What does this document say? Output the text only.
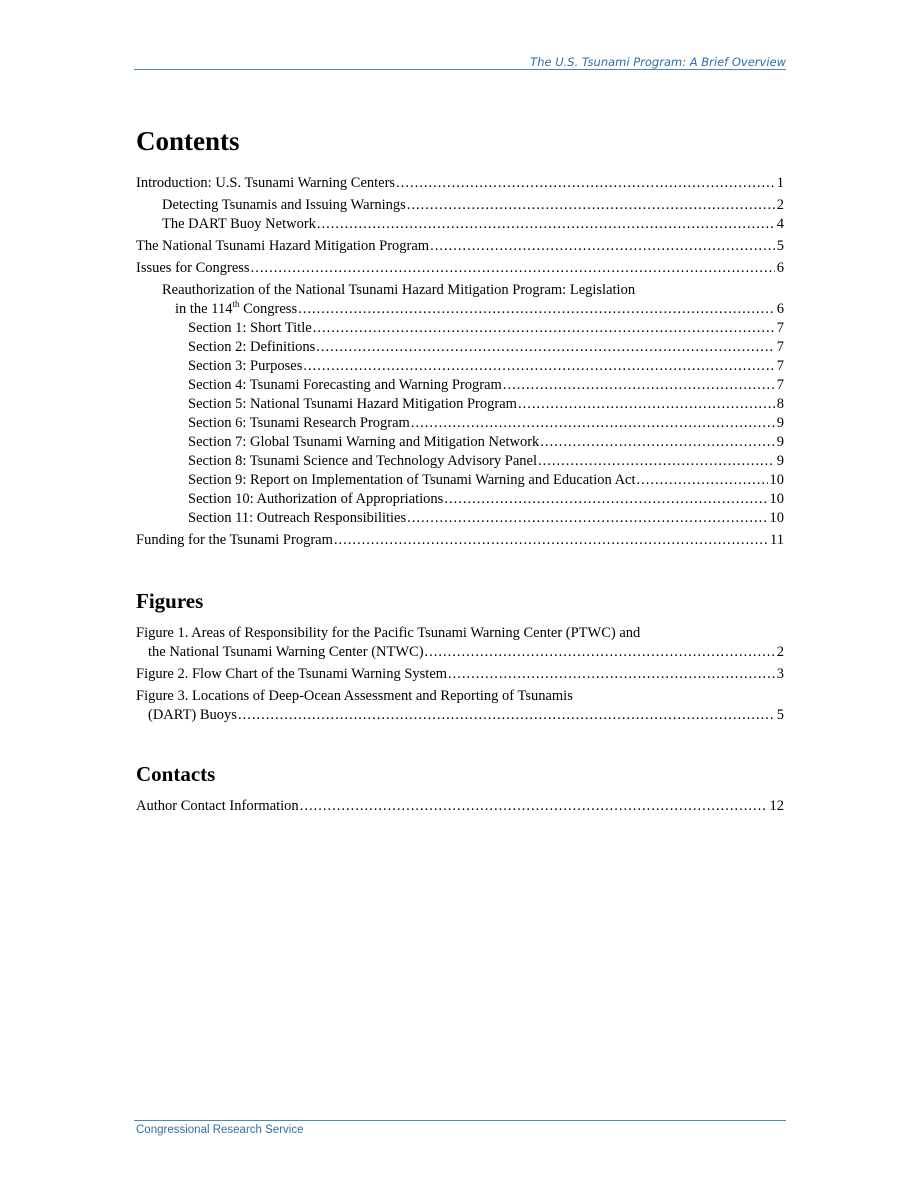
The U.S. Tsunami Program: A Brief Overview
Contents
Introduction: U.S. Tsunami Warning Centers .....	1
Detecting Tsunamis and Issuing Warnings .....	2
The DART Buoy Network .....	4
The National Tsunami Hazard Mitigation Program .....	5
Issues for Congress .....	6
Reauthorization of the National Tsunami Hazard Mitigation Program: Legislation
in the 114th Congress .....	6
Section 1: Short Title .....	7
Section 2: Definitions .....	7
Section 3: Purposes .....	7
Section 4: Tsunami Forecasting and Warning Program .....	7
Section 5: National Tsunami Hazard Mitigation Program .....	8
Section 6: Tsunami Research Program .....	9
Section 7: Global Tsunami Warning and Mitigation Network .....	9
Section 8: Tsunami Science and Technology Advisory Panel .....	9
Section 9: Report on Implementation of Tsunami Warning and Education Act .....	10
Section 10: Authorization of Appropriations .....	10
Section 11: Outreach Responsibilities .....	10
Funding for the Tsunami Program .....	11
Figures
Figure 1. Areas of Responsibility for the Pacific Tsunami Warning Center (PTWC) and
the National Tsunami Warning Center (NTWC) .....	2
Figure 2. Flow Chart of the Tsunami Warning System .....	3
Figure 3. Locations of Deep-Ocean Assessment and Reporting of Tsunamis
(DART) Buoys .....	5
Contacts
Author Contact Information .....	12
Congressional Research Service
